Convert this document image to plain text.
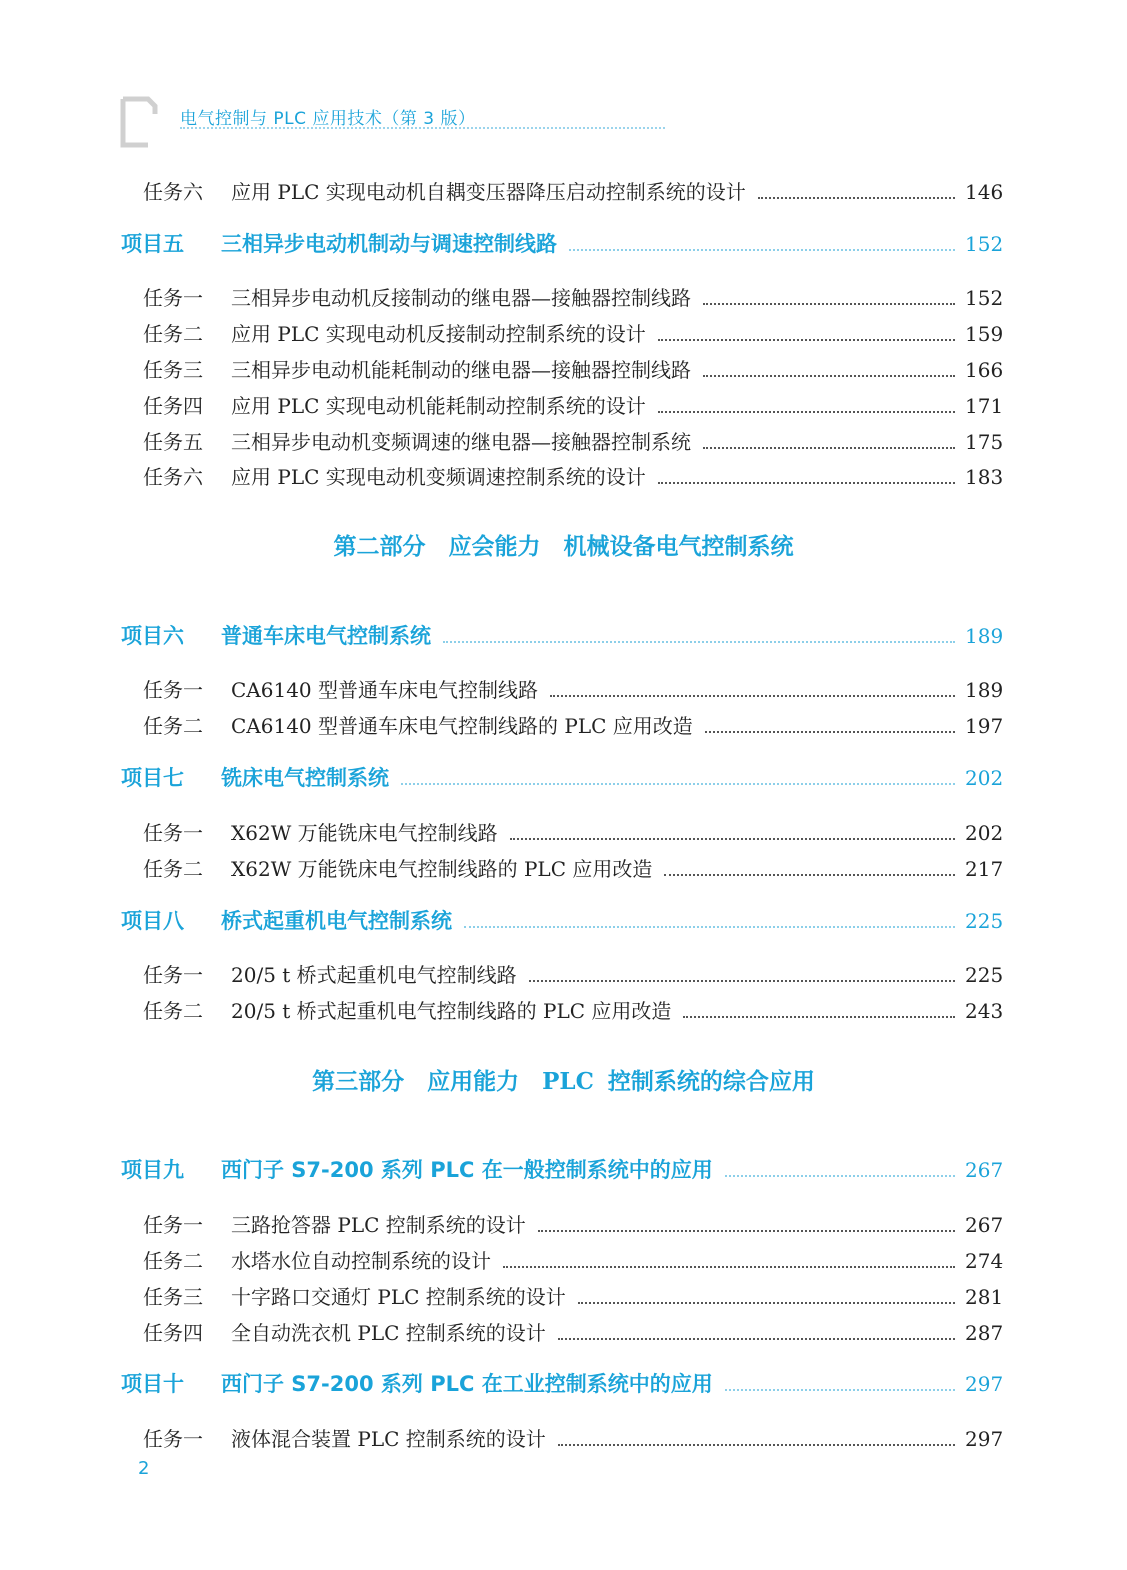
电气控制与 PLC 应用技术（第 3 版）
任务六	应用 PLC 实现电动机自耦变压器降压启动控制系统的设计	146
项目五	三相异步电动机制动与调速控制线路	152
任务一	三相异步电动机反接制动的继电器—接触器控制线路	152
任务二	应用 PLC 实现电动机反接制动控制系统的设计	159
任务三	三相异步电动机能耗制动的继电器—接触器控制线路	166
任务四	应用 PLC 实现电动机能耗制动控制系统的设计	171
任务五	三相异步电动机变频调速的继电器—接触器控制系统	175
任务六	应用 PLC 实现电动机变频调速控制系统的设计	183
第二部分　应会能力　机械设备电气控制系统
项目六	普通车床电气控制系统	189
任务一	CA6140 型普通车床电气控制线路	189
任务二	CA6140 型普通车床电气控制线路的 PLC 应用改造	197
项目七	铣床电气控制系统	202
任务一	X62W 万能铣床电气控制线路	202
任务二	X62W 万能铣床电气控制线路的 PLC 应用改造	217
项目八	桥式起重机电气控制系统	225
任务一	20/5 t 桥式起重机电气控制线路	225
任务二	20/5 t 桥式起重机电气控制线路的 PLC 应用改造	243
第三部分　应用能力　PLC 控制系统的综合应用
项目九	西门子 S7-200 系列 PLC 在一般控制系统中的应用	267
任务一	三路抢答器 PLC 控制系统的设计	267
任务二	水塔水位自动控制系统的设计	274
任务三	十字路口交通灯 PLC 控制系统的设计	281
任务四	全自动洗衣机 PLC 控制系统的设计	287
项目十	西门子 S7-200 系列 PLC 在工业控制系统中的应用	297
任务一	液体混合装置 PLC 控制系统的设计	297
2
